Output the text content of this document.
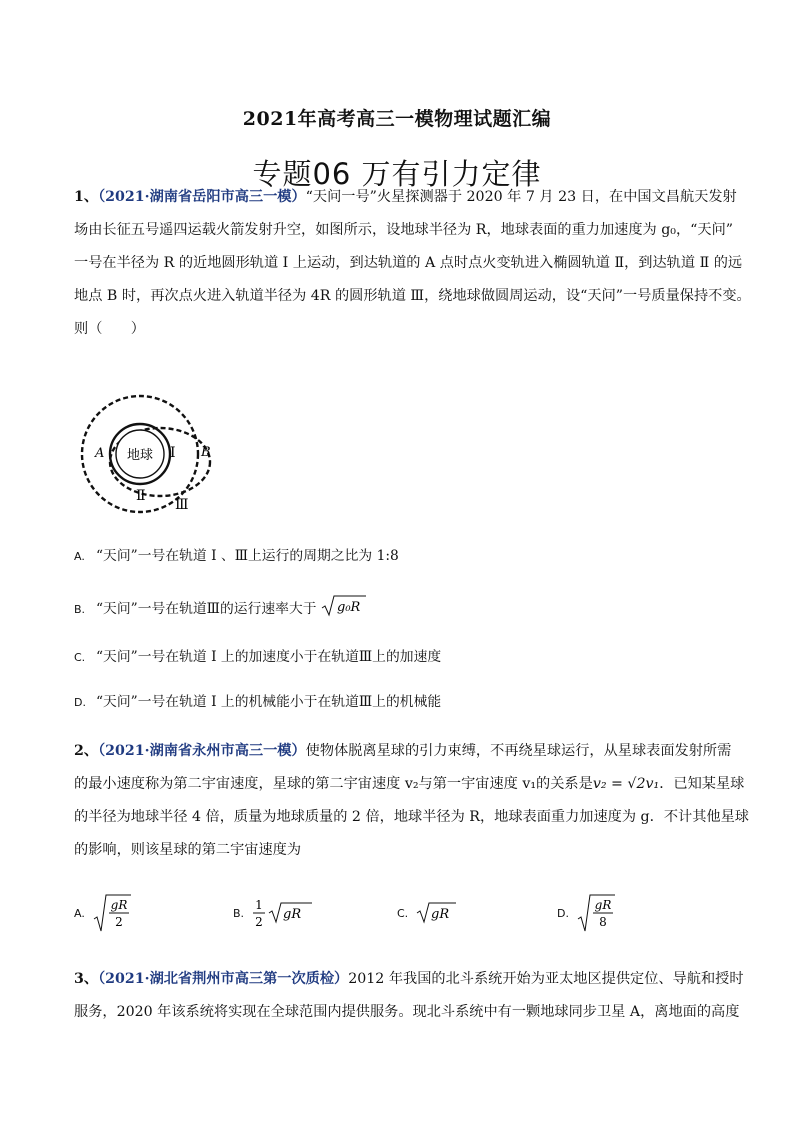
2021年高考高三一模物理试题汇编
专题06 万有引力定律
1、（2021·湖南省岳阳市高三一模）“天问一号”火星探测器于 2020 年 7 月 23 日，在中国文昌航天发射
场由长征五号遥四运载火箭发射升空，如图所示，设地球半径为 R，地球表面的重力加速度为 g₀，“天问”
一号在半径为 R 的近地圆形轨道 Ⅰ 上运动，到达轨道的 A 点时点火变轨进入椭圆轨道 Ⅱ，到达轨道 Ⅱ 的远
地点 B 时，再次点火进入轨道半径为 4R 的圆形轨道 Ⅲ，绕地球做圆周运动，设“天问”一号质量保持不变。
则（　　）
地球
A	I B
Ⅱ
Ⅲ
A. “天问”一号在轨道 Ⅰ 、Ⅲ上运行的周期之比为 1:8
B. “天问”一号在轨道Ⅲ的运行速率大于 g₀R
C. “天问”一号在轨道 Ⅰ 上的加速度小于在轨道Ⅲ上的加速度
D. “天问”一号在轨道 Ⅰ 上的机械能小于在轨道Ⅲ上的机械能
2、（2021·湖南省永州市高三一模）使物体脱离星球的引力束缚，不再绕星球运行，从星球表面发射所需
的最小速度称为第二宇宙速度，星球的第二宇宙速度 v₂与第一宇宙速度 v₁的关系是v₂ = √2v₁．已知某星球
的半径为地球半径 4 倍，质量为地球质量的 2 倍，地球半径为 R，地球表面重力加速度为 g．不计其他星球
的影响，则该星球的第二宇宙速度为
A.
gR
2
B.
1
2 gR	C. gR	D.
gR
8
3、（2021·湖北省荆州市高三第一次质检）2012 年我国的北斗系统开始为亚太地区提供定位、导航和授时
服务，2020 年该系统将实现在全球范围内提供服务。现北斗系统中有一颗地球同步卫星 A，离地面的高度
